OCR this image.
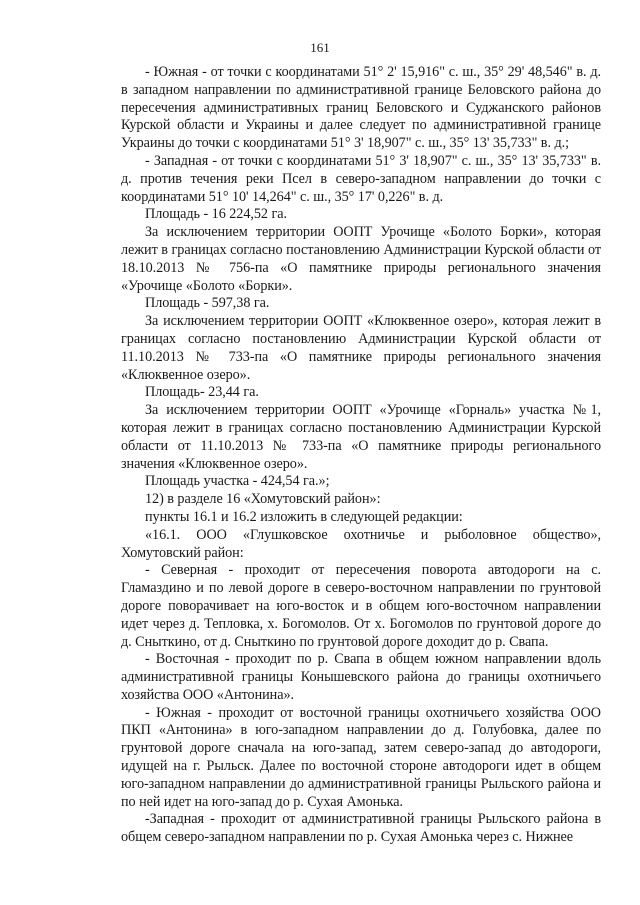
161

- Южная - от точки с координатами 51° 2' 15,916" с. ш., 35° 29' 48,546" в. д. в западном направлении по административной границе Беловского района до пересечения административных границ Беловского и Суджанского районов Курской области и Украины и далее следует по административной границе Украины до точки с координатами 51° 3' 18,907" с. ш., 35° 13' 35,733" в. д.;

- Западная - от точки с координатами 51° 3' 18,907" с. ш., 35° 13' 35,733" в. д. против течения реки Псел в северо-западном направлении до точки с координатами 51° 10' 14,264" с. ш., 35° 17' 0,226" в. д.

Площадь - 16 224,52 га.

За исключением территории ООПТ Урочище «Болото Борки», которая лежит в границах согласно постановлению Администрации Курской области от 18.10.2013 № 756-па «О памятнике природы регионального значения «Урочище «Болото «Борки».

Площадь - 597,38 га.

За исключением территории ООПТ «Клюквенное озеро», которая лежит в границах согласно постановлению Администрации Курской области от 11.10.2013 № 733-па «О памятнике природы регионального значения «Клюквенное озеро».

Площадь- 23,44 га.

За исключением территории ООПТ «Урочище «Горналь» участка №1, которая лежит в границах согласно постановлению Администрации Курской области от 11.10.2013 № 733-па «О памятнике природы регионального значения «Клюквенное озеро».

Площадь участка - 424,54 га.»;

12) в разделе 16 «Хомутовский район»:

пункты 16.1 и 16.2 изложить в следующей редакции:

«16.1. ООО «Глушковское охотничье и рыболовное общество», Хомутовский район:

- Северная - проходит от пересечения поворота автодороги на с. Гламаздино и по левой дороге в северо-восточном направлении по грунтовой дороге поворачивает на юго-восток и в общем юго-восточном направлении идет через д. Тепловка, х. Богомолов. От х. Богомолов по грунтовой дороге до д. Сныткино, от д. Сныткино по грунтовой дороге доходит до р. Свапа.

- Восточная - проходит по р. Свапа в общем южном направлении вдоль административной границы Конышевского района до границы охотничьего хозяйства ООО «Антонина».

- Южная - проходит от восточной границы охотничьего хозяйства ООО ПКП «Антонина» в юго-западном направлении до д. Голубовка, далее по грунтовой дороге сначала на юго-запад, затем северо-запад до автодороги, идущей на г. Рыльск. Далее по восточной стороне автодороги идет в общем юго-западном направлении до административной границы Рыльского района и по ней идет на юго-запад до р. Сухая Амонька.

-Западная - проходит от административной границы Рыльского района в общем северо-западном направлении по р. Сухая Амонька через с. Нижнее
